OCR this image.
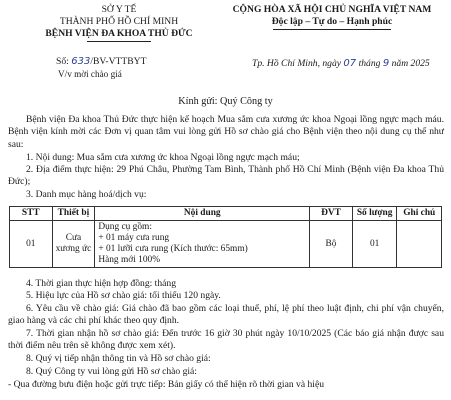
SỞ Y TẾ
THÀNH PHỐ HỒ CHÍ MINH
BỆNH VIỆN ĐA KHOA THỦ ĐỨC
CỘNG HÒA XÃ HỘI CHỦ NGHĨA VIỆT NAM
Độc lập – Tự do – Hạnh phúc
Số: 633/BV-VTTBYT
V/v mời chào giá
Tp. Hồ Chí Minh, ngày 07 tháng 9 năm 2025
Kính gửi: Quý Công ty
Bệnh viện Đa khoa Thủ Đức thực hiện kế hoạch Mua sắm cưa xương ức khoa Ngoại lồng ngực mạch máu. Bệnh viện kính mời các Đơn vị quan tâm vui lòng gửi Hồ sơ chào giá cho Bệnh viện theo nội dung cụ thể như sau:
1. Nội dung: Mua sắm cưa xương ức khoa Ngoại lồng ngực mạch máu;
2. Địa điểm thực hiện: 29 Phú Châu, Phường Tam Bình, Thành phố Hồ Chí Minh (Bệnh viện Đa khoa Thủ Đức);
3. Danh mục hàng hoá/dịch vụ:
STT	Thiết bị	Nội dung	ĐVT	Số lượng	Ghi chú
01	Cưa xương ức	Dụng cụ gồm:
+ 01 máy cưa rung
+ 01 lưỡi cưa rung (Kích thước: 65mm)
Hàng mới 100%	Bộ	01	
4. Thời gian thực hiện hợp đồng: tháng
5. Hiệu lực của Hồ sơ chào giá: tối thiểu 120 ngày.
6. Yêu cầu về chào giá: Giá chào đã bao gồm các loại thuế, phí, lệ phí theo luật định, chi phí vận chuyển, giao hàng và các chi phí khác theo quy định.
7. Thời gian nhận hồ sơ chào giá: Đến trước 16 giờ 30 phút ngày 10/10/2025 (Các báo giá nhận được sau thời điểm nêu trên sẽ không được xem xét).
8. Quý vị tiếp nhận thông tin và Hồ sơ chào giá:
8. Quý Công ty vui lòng gửi Hồ sơ chào giá:
- Qua đường bưu điện hoặc gửi trực tiếp: Bản giấy có thể hiện rõ thời gian và hiệu
